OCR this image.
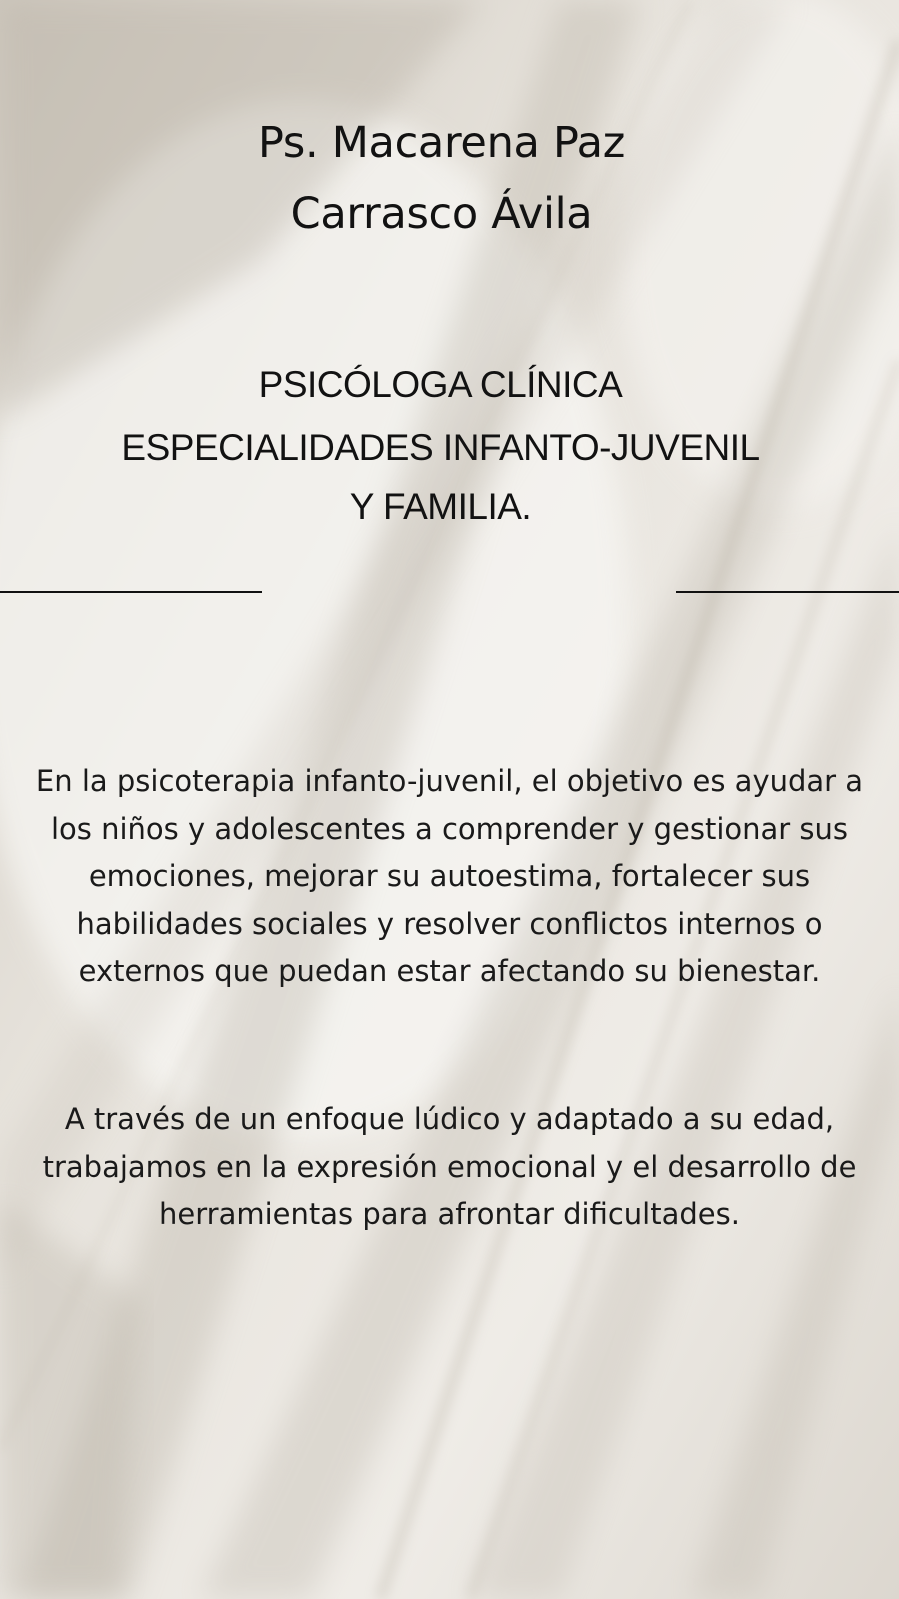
Ps. Macarena Paz
Carrasco Ávila
PSICÓLOGA CLÍNICA
ESPECIALIDADES INFANTO-JUVENIL
Y FAMILIA.
En la psicoterapia infanto-juvenil, el objetivo es ayudar a los niños y adolescentes a comprender y gestionar sus emociones, mejorar su autoestima, fortalecer sus habilidades sociales y resolver conflictos internos o externos que puedan estar afectando su bienestar.
A través de un enfoque lúdico y adaptado a su edad, trabajamos en la expresión emocional y el desarrollo de herramientas para afrontar dificultades.
